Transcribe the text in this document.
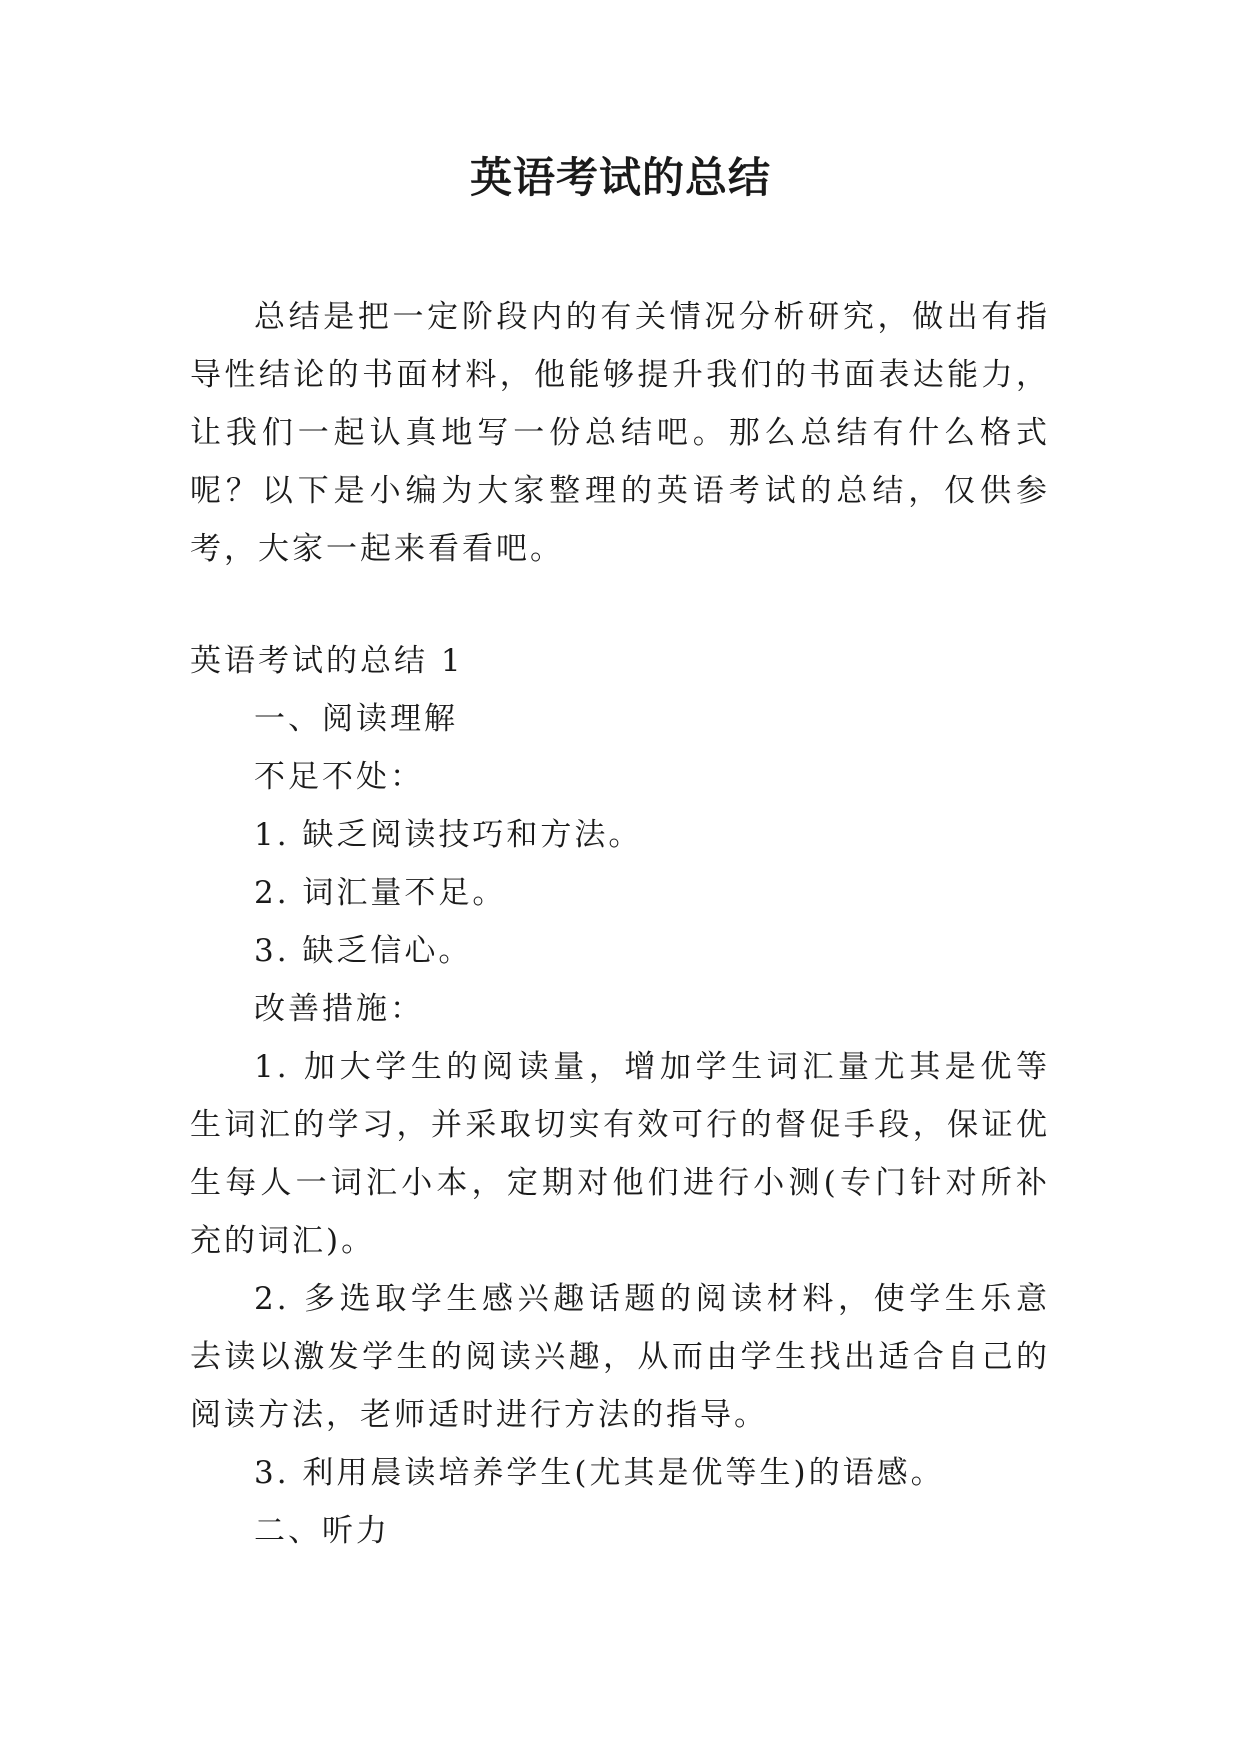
英语考试的总结

总结是把一定阶段内的有关情况分析研究，做出有指导性结论的书面材料，他能够提升我们的书面表达能力，让我们一起认真地写一份总结吧。那么总结有什么格式呢？以下是小编为大家整理的英语考试的总结，仅供参考，大家一起来看看吧。

英语考试的总结 1

一、阅读理解

不足不处：

1. 缺乏阅读技巧和方法。

2. 词汇量不足。

3. 缺乏信心。

改善措施：

1. 加大学生的阅读量，增加学生词汇量尤其是优等生词汇的学习，并采取切实有效可行的督促手段，保证优生每人一词汇小本，定期对他们进行小测(专门针对所补充的词汇)。

2. 多选取学生感兴趣话题的阅读材料，使学生乐意去读以激发学生的阅读兴趣，从而由学生找出适合自己的阅读方法，老师适时进行方法的指导。

3. 利用晨读培养学生(尤其是优等生)的语感。

二、听力
